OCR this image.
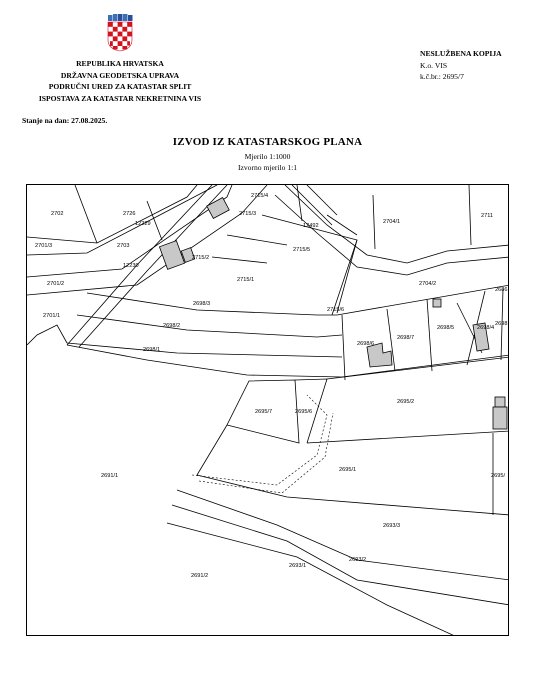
REPUBLIKA HRVATSKA
DRŽAVNA GEODETSKA UPRAVA
PODRUČNI URED ZA KATASTAR SPLIT
ISPOSTAVA ZA KATASTAR NEKRETNINA VIS
NESLUŽBENA KOPIJA
K.o. VIS
k.č.br.: 2695/7
Stanje na dan: 27.08.2025.
IZVOD IZ KATASTARSKOG PLANA
Mjerilo 1:1000
Izvorno mjerilo 1:1
2702	2726
12229
2715/4
2715/3
12492
2704/1
2711
2701/3	2703
2715/2
12230
2715/5
2715/1
2701/2	2704/2
2698/3
2715/6
2698/2
2701/1
2698/5
2698/7
2698/6
2698/4
2698/1
2698
2695/7	2695/6
2695/2
2695/1
2691/1	2695/
2693/3
2693/2
2693/1
2691/2
2686
